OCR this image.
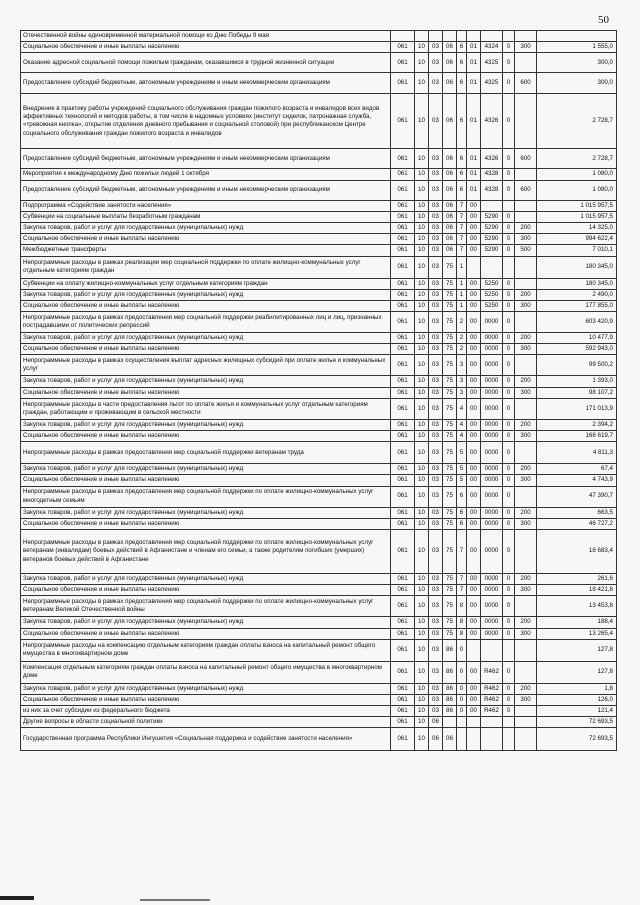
50
Отечественной войны единовременной материальной помощи ко Дню Победы 9 мая										
Социальное обеспечение и иные выплаты населению	061	10	03	06	6	01	4324	0	300	1 555,0
Оказание адресной социальной помощи пожилым гражданам, оказавшимся в трудной жизненной ситуации	061	10	03	06	6	01	4325	0		300,0
Предоставление субсидий бюджетным, автономным учреждениям и иным некоммерческим организациям	061	10	03	06	6	01	4325	0	600	300,0
Внедрение в практику работы учреждений социального обслуживания граждан пожилого возраста и инвалидов всех видов эффективных технологий и методов работы, в том числе в надомных условиях (институт сиделок, патронажная служба, «тревожная кнопка», открытие отделения дневного пребывания и социальной столовой) при республиканском Центре социального обслуживания граждан пожилого возраста и инвалидов	061	10	03	06	6	01	4326	0		2 728,7
Предоставление субсидий бюджетным, автономным учреждениям и иным некоммерческим организациям	061	10	03	06	6	01	4326	0	600	2 728,7
Мероприятия к международному Дню пожилых людей 1 октября	061	10	03	06	6	01	4328	0		1 080,0
Предоставление субсидий бюджетным, автономным учреждениям и иным некоммерческим организациям	061	10	03	06	6	01	4328	0	600	1 080,0
Подпрограмма «Содействие занятости населения»	061	10	03	06	7	00				1 015 957,5
Субвенции на социальные выплаты безработным гражданам	061	10	03	06	7	00	5290	0		1 015 957,5
Закупка товаров, работ и услуг для государственных (муниципальных) нужд	061	10	03	06	7	00	5290	0	200	14 325,0
Социальное обеспечение и иные выплаты населению	061	10	03	06	7	00	5290	0	300	994 622,4
Межбюджетные трансферты	061	10	03	06	7	00	5290	0	500	7 010,1
Непрограммные расходы в рамках реализации мер социальной поддержки по оплате жилищно-коммунальных услуг отдельным категориям граждан	061	10	03	75	1					180 345,0
Субвенции на оплату жилищно-коммунальных услуг отдельным категориям граждан	061	10	03	75	1	00	5250	0		180 345,0
Закупка товаров, работ и услуг для государственных (муниципальных) нужд	061	10	03	75	1	00	5250	0	200	2 490,0
Социальное обеспечение и иные выплаты населению	061	10	03	75	1	00	5250	0	300	177 855,0
Непрограммные расходы в рамках предоставления мер социальной поддержки реабилитированных лиц и лиц, признанных пострадавшими от политических репрессий	061	10	03	75	2	00	0000	0		603 420,9
Закупка товаров, работ и услуг для государственных (муниципальных) нужд	061	10	03	75	2	00	0000	0	200	10 477,9
Социальное обеспечение и иные выплаты населению	061	10	03	75	2	00	0000	0	300	592 943,0
Непрограммные расходы в рамках осуществления выплат адресных жилищных субсидий при оплате жилья и коммунальных услуг	061	10	03	75	3	00	0000	0		99 500,2
Закупка товаров, работ и услуг для государственных (муниципальных) нужд	061	10	03	75	3	00	0000	0	200	1 393,0
Социальное обеспечение и иные выплаты населению	061	10	03	75	3	00	0000	0	300	98 107,2
Непрограммные расходы в части предоставления льгот по оплате жилья и коммунальных услуг отдельным категориям граждан, работающим и проживающим в сельской местности	061	10	03	75	4	00	0000	0		171 013,9
Закупка товаров, работ и услуг для государственных (муниципальных) нужд	061	10	03	75	4	00	0000	0	200	2 394,2
Социальное обеспечение и иные выплаты населению	061	10	03	75	4	00	0000	0	300	168 619,7
Непрограммные расходы в рамках предоставления мер социальной поддержки ветеранам труда	061	10	03	75	5	00	0000	0		4 811,3
Закупка товаров, работ и услуг для государственных (муниципальных) нужд	061	10	03	75	5	00	0000	0	200	67,4
Социальное обеспечение и иные выплаты населению	061	10	03	75	5	00	0000	0	300	4 743,9
Непрограммные расходы в рамках предоставления мер социальной поддержки по оплате жилищно-коммунальных услуг многодетным семьям	061	10	03	75	6	00	0000	0		47 390,7
Закупка товаров, работ и услуг для государственных (муниципальных) нужд	061	10	03	75	6	00	0000	0	200	663,5
Социальное обеспечение и иные выплаты населению	061	10	03	75	6	00	0000	0	300	46 727,2
Непрограммные расходы в рамках предоставления мер социальной поддержки по оплате жилищно-коммунальных услуг ветеранам (инвалидам) боевых действий в Афганистане и членам его семьи, а также родителям погибших (умерших) ветеранов боевых действий в Афганистане	061	10	03	75	7	00	0000	0		18 683,4
Закупка товаров, работ и услуг для государственных (муниципальных) нужд	061	10	03	75	7	00	0000	0	200	261,6
Социальное обеспечение и иные выплаты населению	061	10	03	75	7	00	0000	0	300	18 421,8
Непрограммные расходы в рамках предоставления мер социальной поддержки по оплате жилищно-коммунальных услуг ветеранам Великой Отечественной войны	061	10	03	75	8	00	0000	0		13 453,8
Закупка товаров, работ и услуг для государственных (муниципальных) нужд	061	10	03	75	8	00	0000	0	200	188,4
Социальное обеспечение и иные выплаты населению	061	10	03	75	8	00	0000	0	300	13 265,4
Непрограммные расходы на компенсацию отдельным категориям граждан оплаты взноса на капитальный ремонт общего имущества в многоквартирном доме	061	10	03	86	0					127,8
Компенсация отдельным категориям граждан оплаты взноса на капитальный ремонт общего имущества в многоквартирном доме	061	10	03	86	0	00	R462	0		127,8
Закупка товаров, работ и услуг для государственных (муниципальных) нужд	061	10	03	86	0	00	R462	0	200	1,8
Социальное обеспечение и иные выплаты населению	061	10	03	86	0	00	R462	0	300	126,0
из них за счет субсидии из федерального бюджета	061	10	03	86	0	00	R462	0		121,4
Другие вопросы в области социальной политики	061	10	06							72 693,5
Государственная программа Республики Ингушетия «Социальная поддержка и содействие занятости населения»	061	10	06	06						72 693,5
